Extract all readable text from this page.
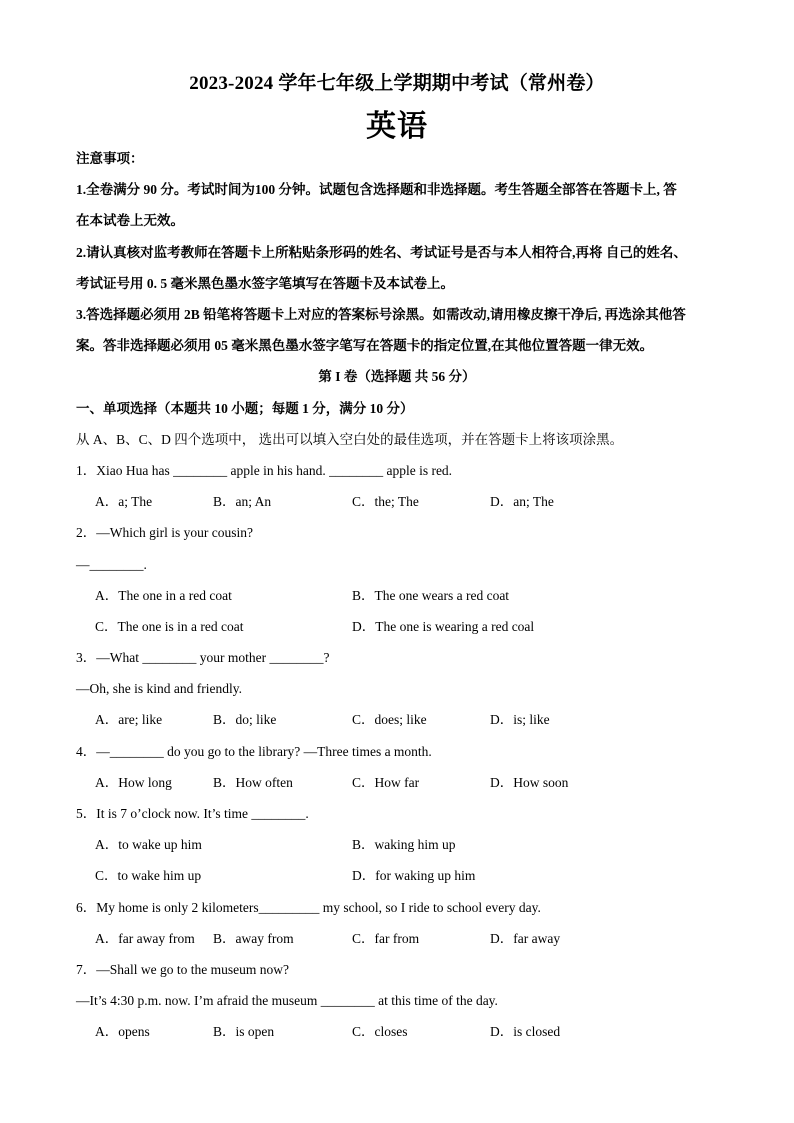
2023-2024 学年七年级上学期期中考试（常州卷）
英语
注意事项：
1.全卷满分 90 分。考试时间为100 分钟。试题包含选择题和非选择题。考生答题全部答在答题卡上, 答
在本试卷上无效。
2.请认真核对监考教师在答题卡上所粘贴条形码的姓名、考试证号是否与本人相符合,再将 自己的姓名、
考试证号用 0. 5 毫米黑色墨水签字笔填写在答题卡及本试卷上。
3.答选择题必须用 2B 铅笔将答题卡上对应的答案标号涂黑。如需改动,请用橡皮擦干净后, 再选涂其他答
案。答非选择题必须用 05 毫米黑色墨水签字笔写在答题卡的指定位置,在其他位置答题一律无效。
第 I 卷（选择题 共 56 分）
一、单项选择（本题共 10 小题；每题 1 分，满分 10 分）
从 A、B、C、D 四个选项中， 选出可以填入空白处的最佳选项，并在答题卡上将该项涂黑。
1．Xiao Hua has ________ apple in his hand. ________ apple is red.
A．a; The	B．an; An	C．the; The	D．an; The
2．—Which girl is your cousin?
—________.
A．The one in a red coat	B．The one wears a red coat
C．The one is in a red coat	D．The one is wearing a red coal
3．—What ________ your mother ________?
—Oh, she is kind and friendly.
A．are; like	B．do; like	C．does; like	D．is; like
4．—________ do you go to the library? —Three times a month.
A．How long	B．How often	C．How far	D．How soon
5．It is 7 o’clock now. It’s time ________.
A．to wake up him	B．waking him up
C．to wake him up	D．for waking up him
6．My home is only 2 kilometers_________ my school, so I ride to school every day.
A．far away from B．away from	C．far from	D．far away
7．—Shall we go to the museum now?
—It’s 4:30 p.m. now. I’m afraid the museum ________ at this time of the day.
A．opens	B．is open	C．closes	D．is closed
